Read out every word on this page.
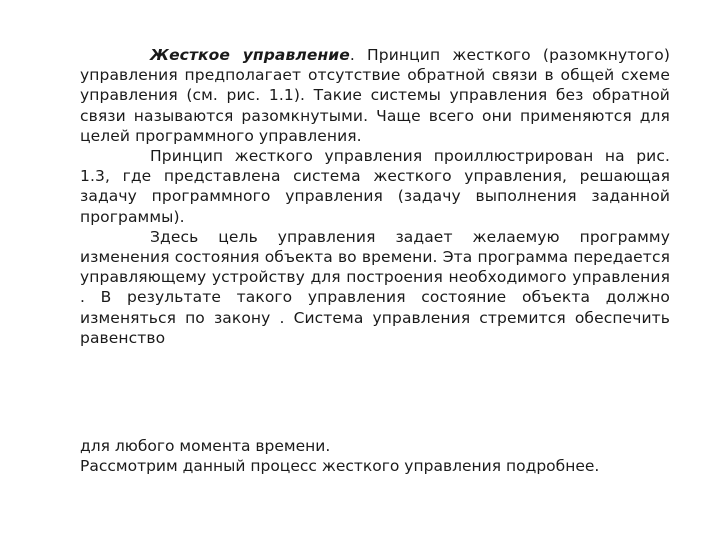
Жесткое управление. Принцип жесткого (разомкнутого) управления предполагает отсутствие обратной связи в общей схеме управления (см. рис. 1.1). Такие системы управления без обратной связи называются разомкнутыми. Чаще всего они применяются для целей программного управления.

Принцип жесткого управления проиллюстрирован на рис. 1.3, где представлена система жесткого управления, решающая задачу программного управления (задачу выполнения заданной программы).

Здесь цель управления задает желаемую программу изменения состояния объекта во времени. Эта программа передается управляющему устройству для построения необходимого управления . В результате такого управления состояние объекта должно изменяться по закону . Система управления стремится обеспечить равенство

для любого момента времени.

Рассмотрим данный процесс жесткого управления подробнее.
